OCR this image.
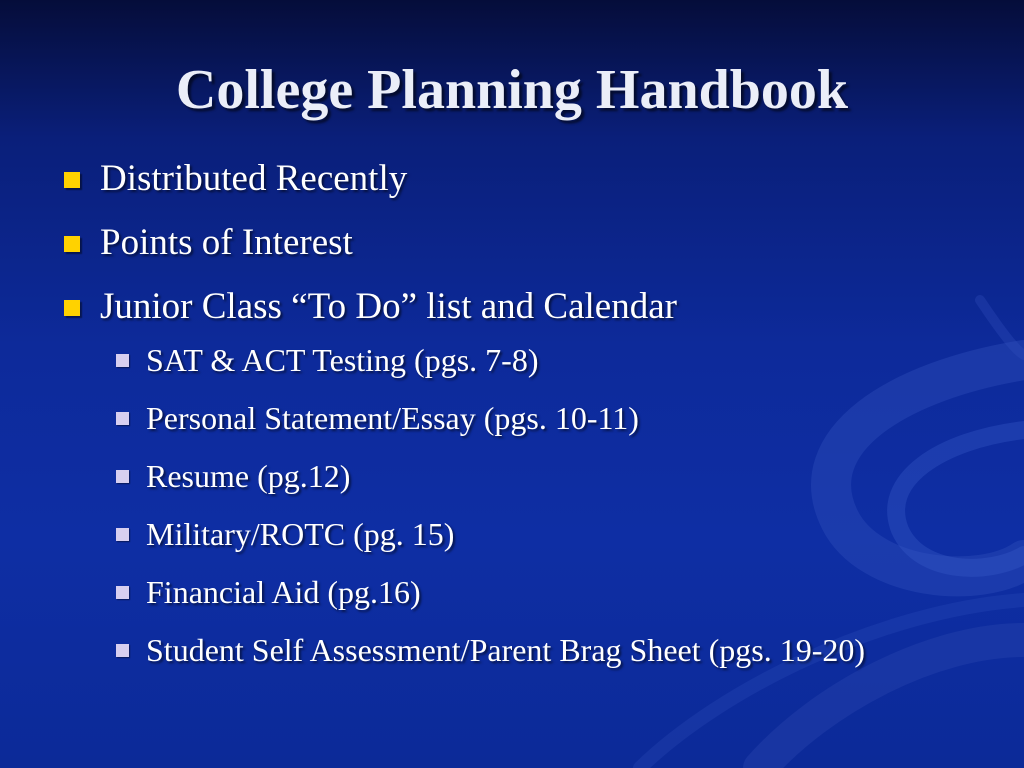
College Planning Handbook
Distributed Recently
Points of Interest
Junior Class “To Do” list and Calendar
SAT & ACT Testing (pgs. 7-8)
Personal Statement/Essay (pgs. 10-11)
Resume (pg.12)
Military/ROTC (pg. 15)
Financial Aid (pg.16)
Student Self Assessment/Parent Brag Sheet (pgs. 19-20)
